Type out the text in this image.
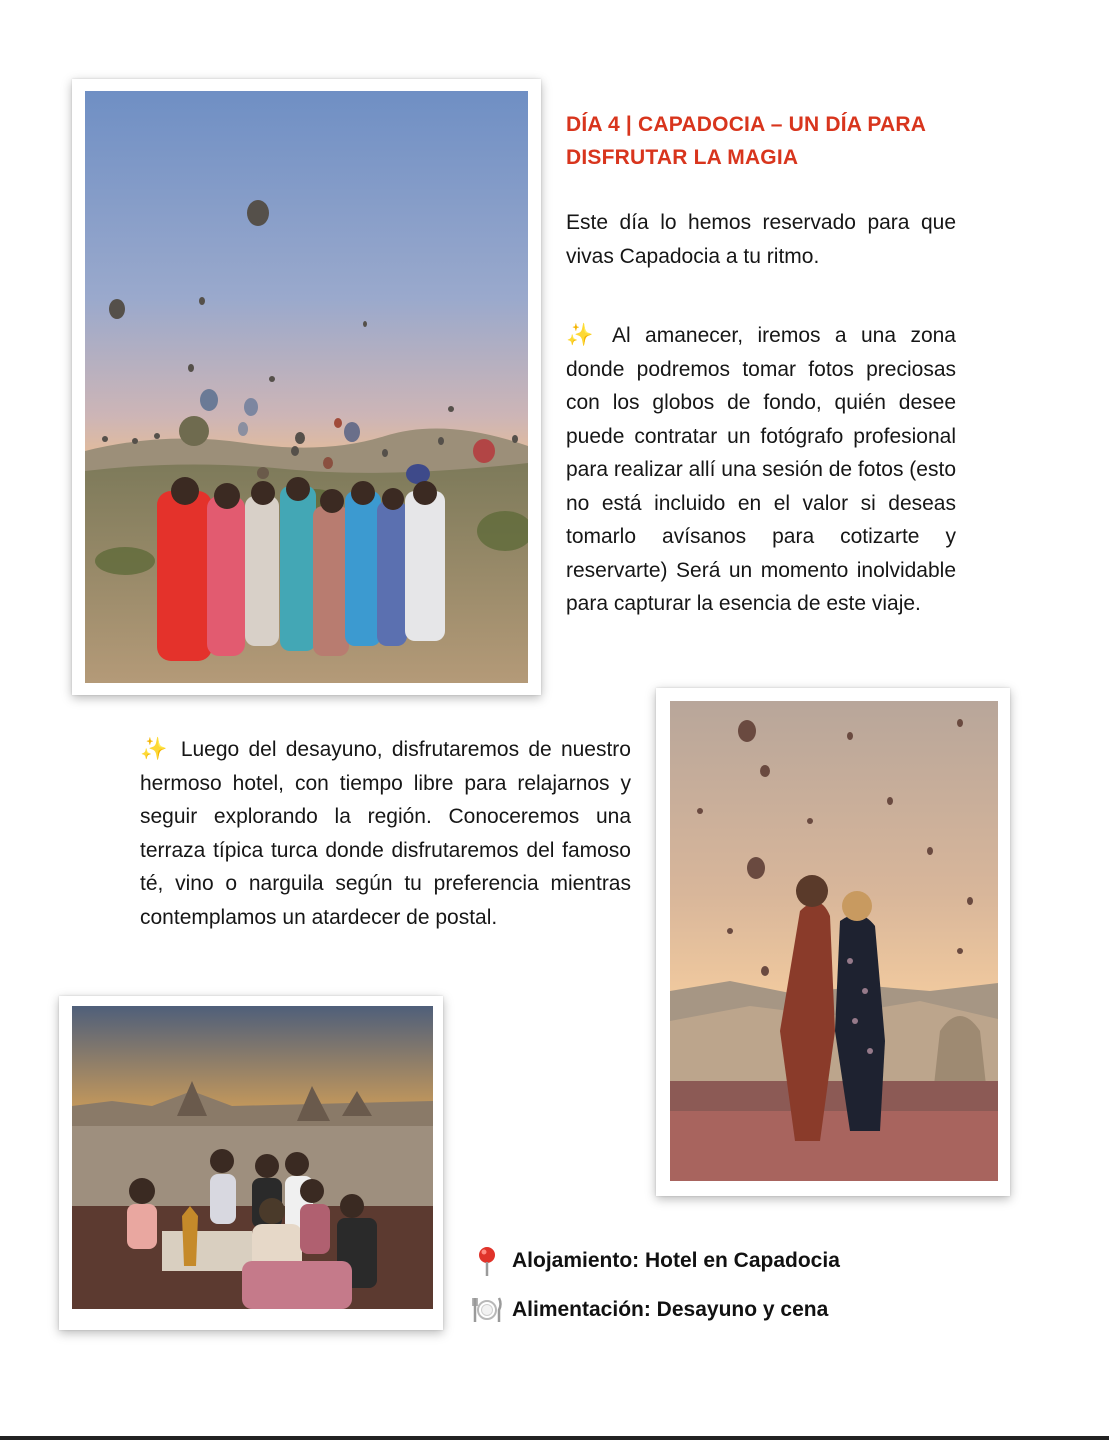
DÍA 4 | CAPADOCIA – UN DÍA PARA DISFRUTAR LA MAGIA

Este día lo hemos reservado para que vivas Capadocia a tu ritmo.

✨ Al amanecer, iremos a una zona donde podremos tomar fotos preciosas con los globos de fondo, quién desee puede contratar un fotógrafo profesional para realizar allí una sesión de fotos (esto no está incluido en el valor si deseas tomarlo avísanos para cotizarte y reservarte) Será un momento inolvidable para capturar la esencia de este viaje.

✨ Luego del desayuno, disfrutaremos de nuestro hermoso hotel, con tiempo libre para relajarnos y seguir explorando la región. Conoceremos una terraza típica turca donde disfrutaremos del famoso té, vino o narguila según tu preferencia mientras contemplamos un atardecer de postal.

Alojamiento: Hotel en Capadocia
Alimentación: Desayuno y cena
